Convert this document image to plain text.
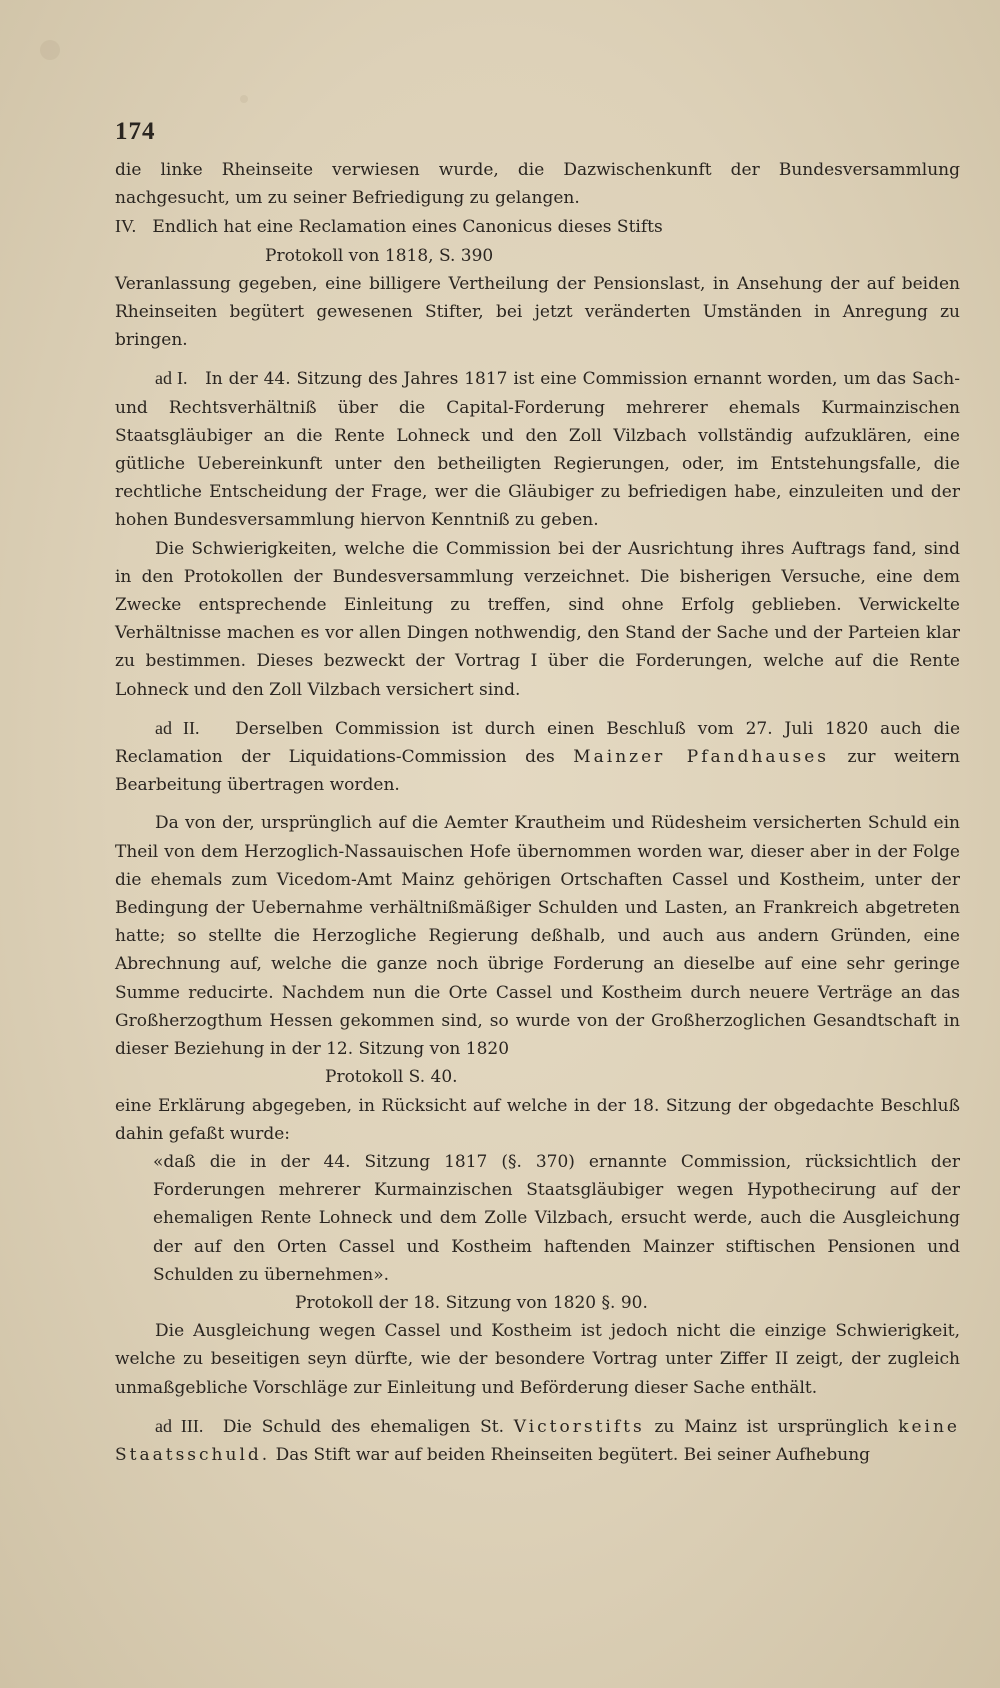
174

die linke Rheinseite verwiesen wurde, die Dazwischenkunft der Bundesversammlung nachgesucht, um zu seiner Befriedigung zu gelangen.

IV. Endlich hat eine Reclamation eines Canonicus dieses Stifts

Protokoll von 1818, S. 390

Veranlassung gegeben, eine billigere Vertheilung der Pensionslast, in Ansehung der auf beiden Rheinseiten begütert gewesenen Stifter, bei jetzt veränderten Umständen in Anregung zu bringen.

ad I. In der 44. Sitzung des Jahres 1817 ist eine Commission ernannt worden, um das Sach- und Rechtsverhältniß über die Capital-Forderung mehrerer ehemals Kurmainzischen Staatsgläubiger an die Rente Lohneck und den Zoll Vilzbach vollständig aufzuklären, eine gütliche Uebereinkunft unter den betheiligten Regierungen, oder, im Entstehungsfalle, die rechtliche Entscheidung der Frage, wer die Gläubiger zu befriedigen habe, einzuleiten und der hohen Bundesversammlung hiervon Kenntniß zu geben.

Die Schwierigkeiten, welche die Commission bei der Ausrichtung ihres Auftrags fand, sind in den Protokollen der Bundesversammlung verzeichnet. Die bisherigen Versuche, eine dem Zwecke entsprechende Einleitung zu treffen, sind ohne Erfolg geblieben. Verwickelte Verhältnisse machen es vor allen Dingen nothwendig, den Stand der Sache und der Parteien klar zu bestimmen. Dieses bezweckt der Vortrag I über die Forderungen, welche auf die Rente Lohneck und den Zoll Vilzbach versichert sind.

ad II. Derselben Commission ist durch einen Beschluß vom 27. Juli 1820 auch die Reclamation der Liquidations-Commission des Mainzer Pfandhauses zur weitern Bearbeitung übertragen worden.

Da von der, ursprünglich auf die Aemter Krautheim und Rüdesheim versicherten Schuld ein Theil von dem Herzoglich-Nassauischen Hofe übernommen worden war, dieser aber in der Folge die ehemals zum Vicedom-Amt Mainz gehörigen Ortschaften Cassel und Kostheim, unter der Bedingung der Uebernahme verhältnißmäßiger Schulden und Lasten, an Frankreich abgetreten hatte; so stellte die Herzogliche Regierung deßhalb, und auch aus andern Gründen, eine Abrechnung auf, welche die ganze noch übrige Forderung an dieselbe auf eine sehr geringe Summe reducirte. Nachdem nun die Orte Cassel und Kostheim durch neuere Verträge an das Großherzogthum Hessen gekommen sind, so wurde von der Großherzoglichen Gesandtschaft in dieser Beziehung in der 12. Sitzung von 1820

Protokoll S. 40.

eine Erklärung abgegeben, in Rücksicht auf welche in der 18. Sitzung der obgedachte Beschluß dahin gefaßt wurde:

«daß die in der 44. Sitzung 1817 (§. 370) ernannte Commission, rücksichtlich der Forderungen mehrerer Kurmainzischen Staatsgläubiger wegen Hypothecirung auf der ehemaligen Rente Lohneck und dem Zolle Vilzbach, ersucht werde, auch die Ausgleichung der auf den Orten Cassel und Kostheim haftenden Mainzer stiftischen Pensionen und Schulden zu übernehmen».

Protokoll der 18. Sitzung von 1820 §. 90.

Die Ausgleichung wegen Cassel und Kostheim ist jedoch nicht die einzige Schwierigkeit, welche zu beseitigen seyn dürfte, wie der besondere Vortrag unter Ziffer II zeigt, der zugleich unmaßgebliche Vorschläge zur Einleitung und Beförderung dieser Sache enthält.

ad III. Die Schuld des ehemaligen St. Victorstifts zu Mainz ist ursprünglich keine Staatsschuld. Das Stift war auf beiden Rheinseiten begütert. Bei seiner Aufhebung
